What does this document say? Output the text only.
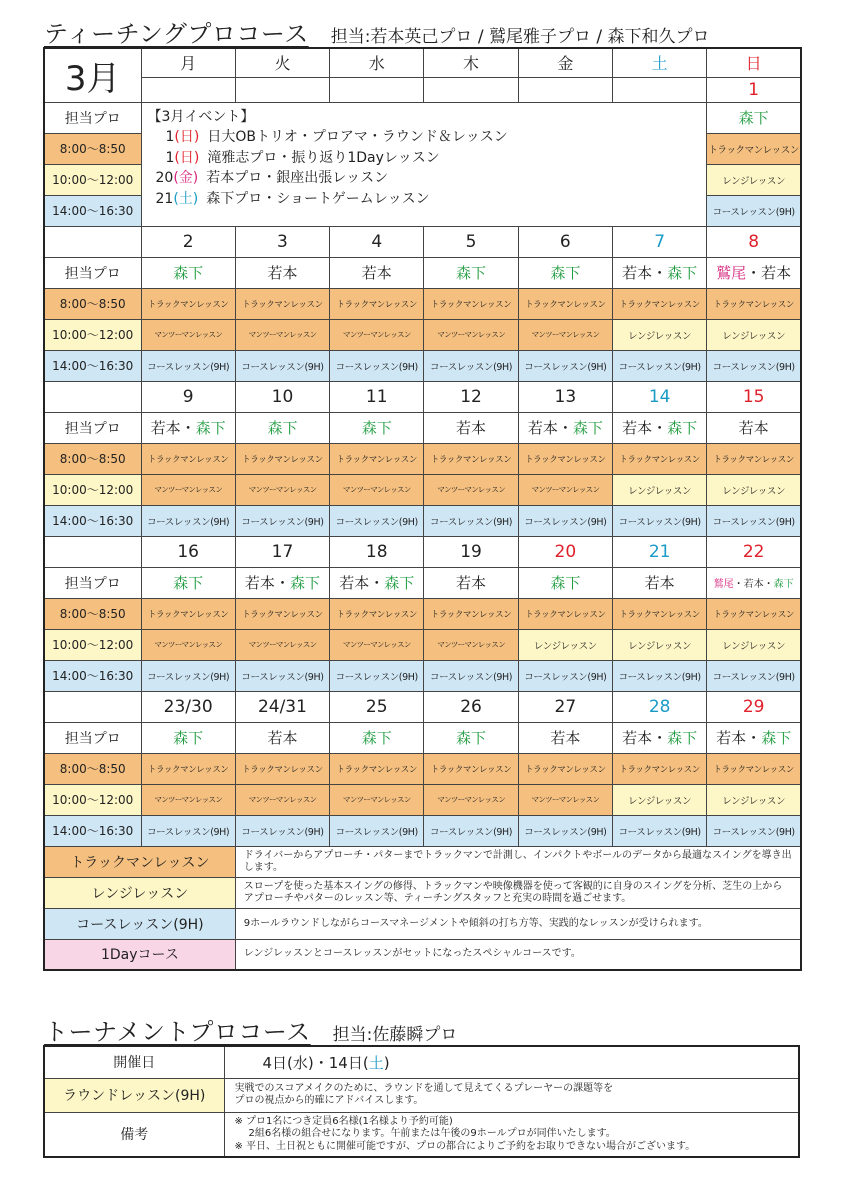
ティーチングプロコース 担当:若本英己プロ / 鷲尾雅子プロ / 森下和久プロ
3月	月	火	水	木	金	土	日
							1
担当プロ	【3月イベント】
1(日) 日大OBトリオ・プロアマ・ラウンド＆レッスン
1(日) 滝雅志プロ・振り返り1Dayレッスン
20(金) 若本プロ・銀座出張レッスン
21(土) 森下プロ・ショートゲームレッスン						森下
8:00～8:50							トラックマンレッスン
10:00～12:00							レンジレッスン
14:00～16:30							コースレッスン(9H)
	2	3	4	5	6	7	8
担当プロ	森下	若本	若本	森下	森下	若本・森下	鷲尾・若本
8:00～8:50	トラックマンレッスン	トラックマンレッスン	トラックマンレッスン	トラックマンレッスン	トラックマンレッスン	トラックマンレッスン	トラックマンレッスン
10:00～12:00	マンツーマンレッスン	マンツーマンレッスン	マンツーマンレッスン	マンツーマンレッスン	マンツーマンレッスン	レンジレッスン	レンジレッスン
14:00～16:30	コースレッスン(9H)	コースレッスン(9H)	コースレッスン(9H)	コースレッスン(9H)	コースレッスン(9H)	コースレッスン(9H)	コースレッスン(9H)
	9	10	11	12	13	14	15
担当プロ	若本・森下	森下	森下	若本	若本・森下	若本・森下	若本
8:00～8:50	トラックマンレッスン	トラックマンレッスン	トラックマンレッスン	トラックマンレッスン	トラックマンレッスン	トラックマンレッスン	トラックマンレッスン
10:00～12:00	マンツーマンレッスン	マンツーマンレッスン	マンツーマンレッスン	マンツーマンレッスン	マンツーマンレッスン	レンジレッスン	レンジレッスン
14:00～16:30	コースレッスン(9H)	コースレッスン(9H)	コースレッスン(9H)	コースレッスン(9H)	コースレッスン(9H)	コースレッスン(9H)	コースレッスン(9H)
	16	17	18	19	20	21	22
担当プロ	森下	若本・森下	若本・森下	若本	森下	若本	鷲尾・若本・森下
8:00～8:50	トラックマンレッスン	トラックマンレッスン	トラックマンレッスン	トラックマンレッスン	トラックマンレッスン	トラックマンレッスン	トラックマンレッスン
10:00～12:00	マンツーマンレッスン	マンツーマンレッスン	マンツーマンレッスン	マンツーマンレッスン	レンジレッスン	レンジレッスン	レンジレッスン
14:00～16:30	コースレッスン(9H)	コースレッスン(9H)	コースレッスン(9H)	コースレッスン(9H)	コースレッスン(9H)	コースレッスン(9H)	コースレッスン(9H)
	23/30	24/31	25	26	27	28	29
担当プロ	森下	若本	森下	森下	若本	若本・森下	若本・森下
8:00～8:50	トラックマンレッスン	トラックマンレッスン	トラックマンレッスン	トラックマンレッスン	トラックマンレッスン	トラックマンレッスン	トラックマンレッスン
10:00～12:00	マンツーマンレッスン	マンツーマンレッスン	マンツーマンレッスン	マンツーマンレッスン	マンツーマンレッスン	レンジレッスン	レンジレッスン
14:00～16:30	コースレッスン(9H)	コースレッスン(9H)	コースレッスン(9H)	コースレッスン(9H)	コースレッスン(9H)	コースレッスン(9H)	コースレッスン(9H)
トラックマンレッスン		ドライバーからアプローチ・パターまでトラックマンで計測し、インパクトやボールのデータから最適なスイングを導き出します。					
レンジレッスン		スロープを使った基本スイングの修得、トラックマンや映像機器を使って客観的に自身のスイングを分析、芝生の上からアプローチやパターのレッスン等、ティーチングスタッフと充実の時間を過ごせます。					
コースレッスン(9H)		9ホールラウンドしながらコースマネージメントや傾斜の打ち方等、実践的なレッスンが受けられます。					
1Dayコース		レンジレッスンとコースレッスンがセットになったスペシャルコースです。					
トーナメントプロコース 担当:佐藤瞬プロ
開催日	4日(水)・14日(土)
ラウンドレッスン(9H)	実戦でのスコアメイクのために、ラウンドを通して見えてくるプレーヤーの課題等を
プロの視点から的確にアドバイスします。

備考	※ プロ1名につき定員6名様(1名様より予約可能)
2組6名様の組合せになります。午前または午後の9ホールプロが同伴いたします。
※ 平日、土日祝ともに開催可能ですが、プロの都合によりご予約をお取りできない場合がございます。
